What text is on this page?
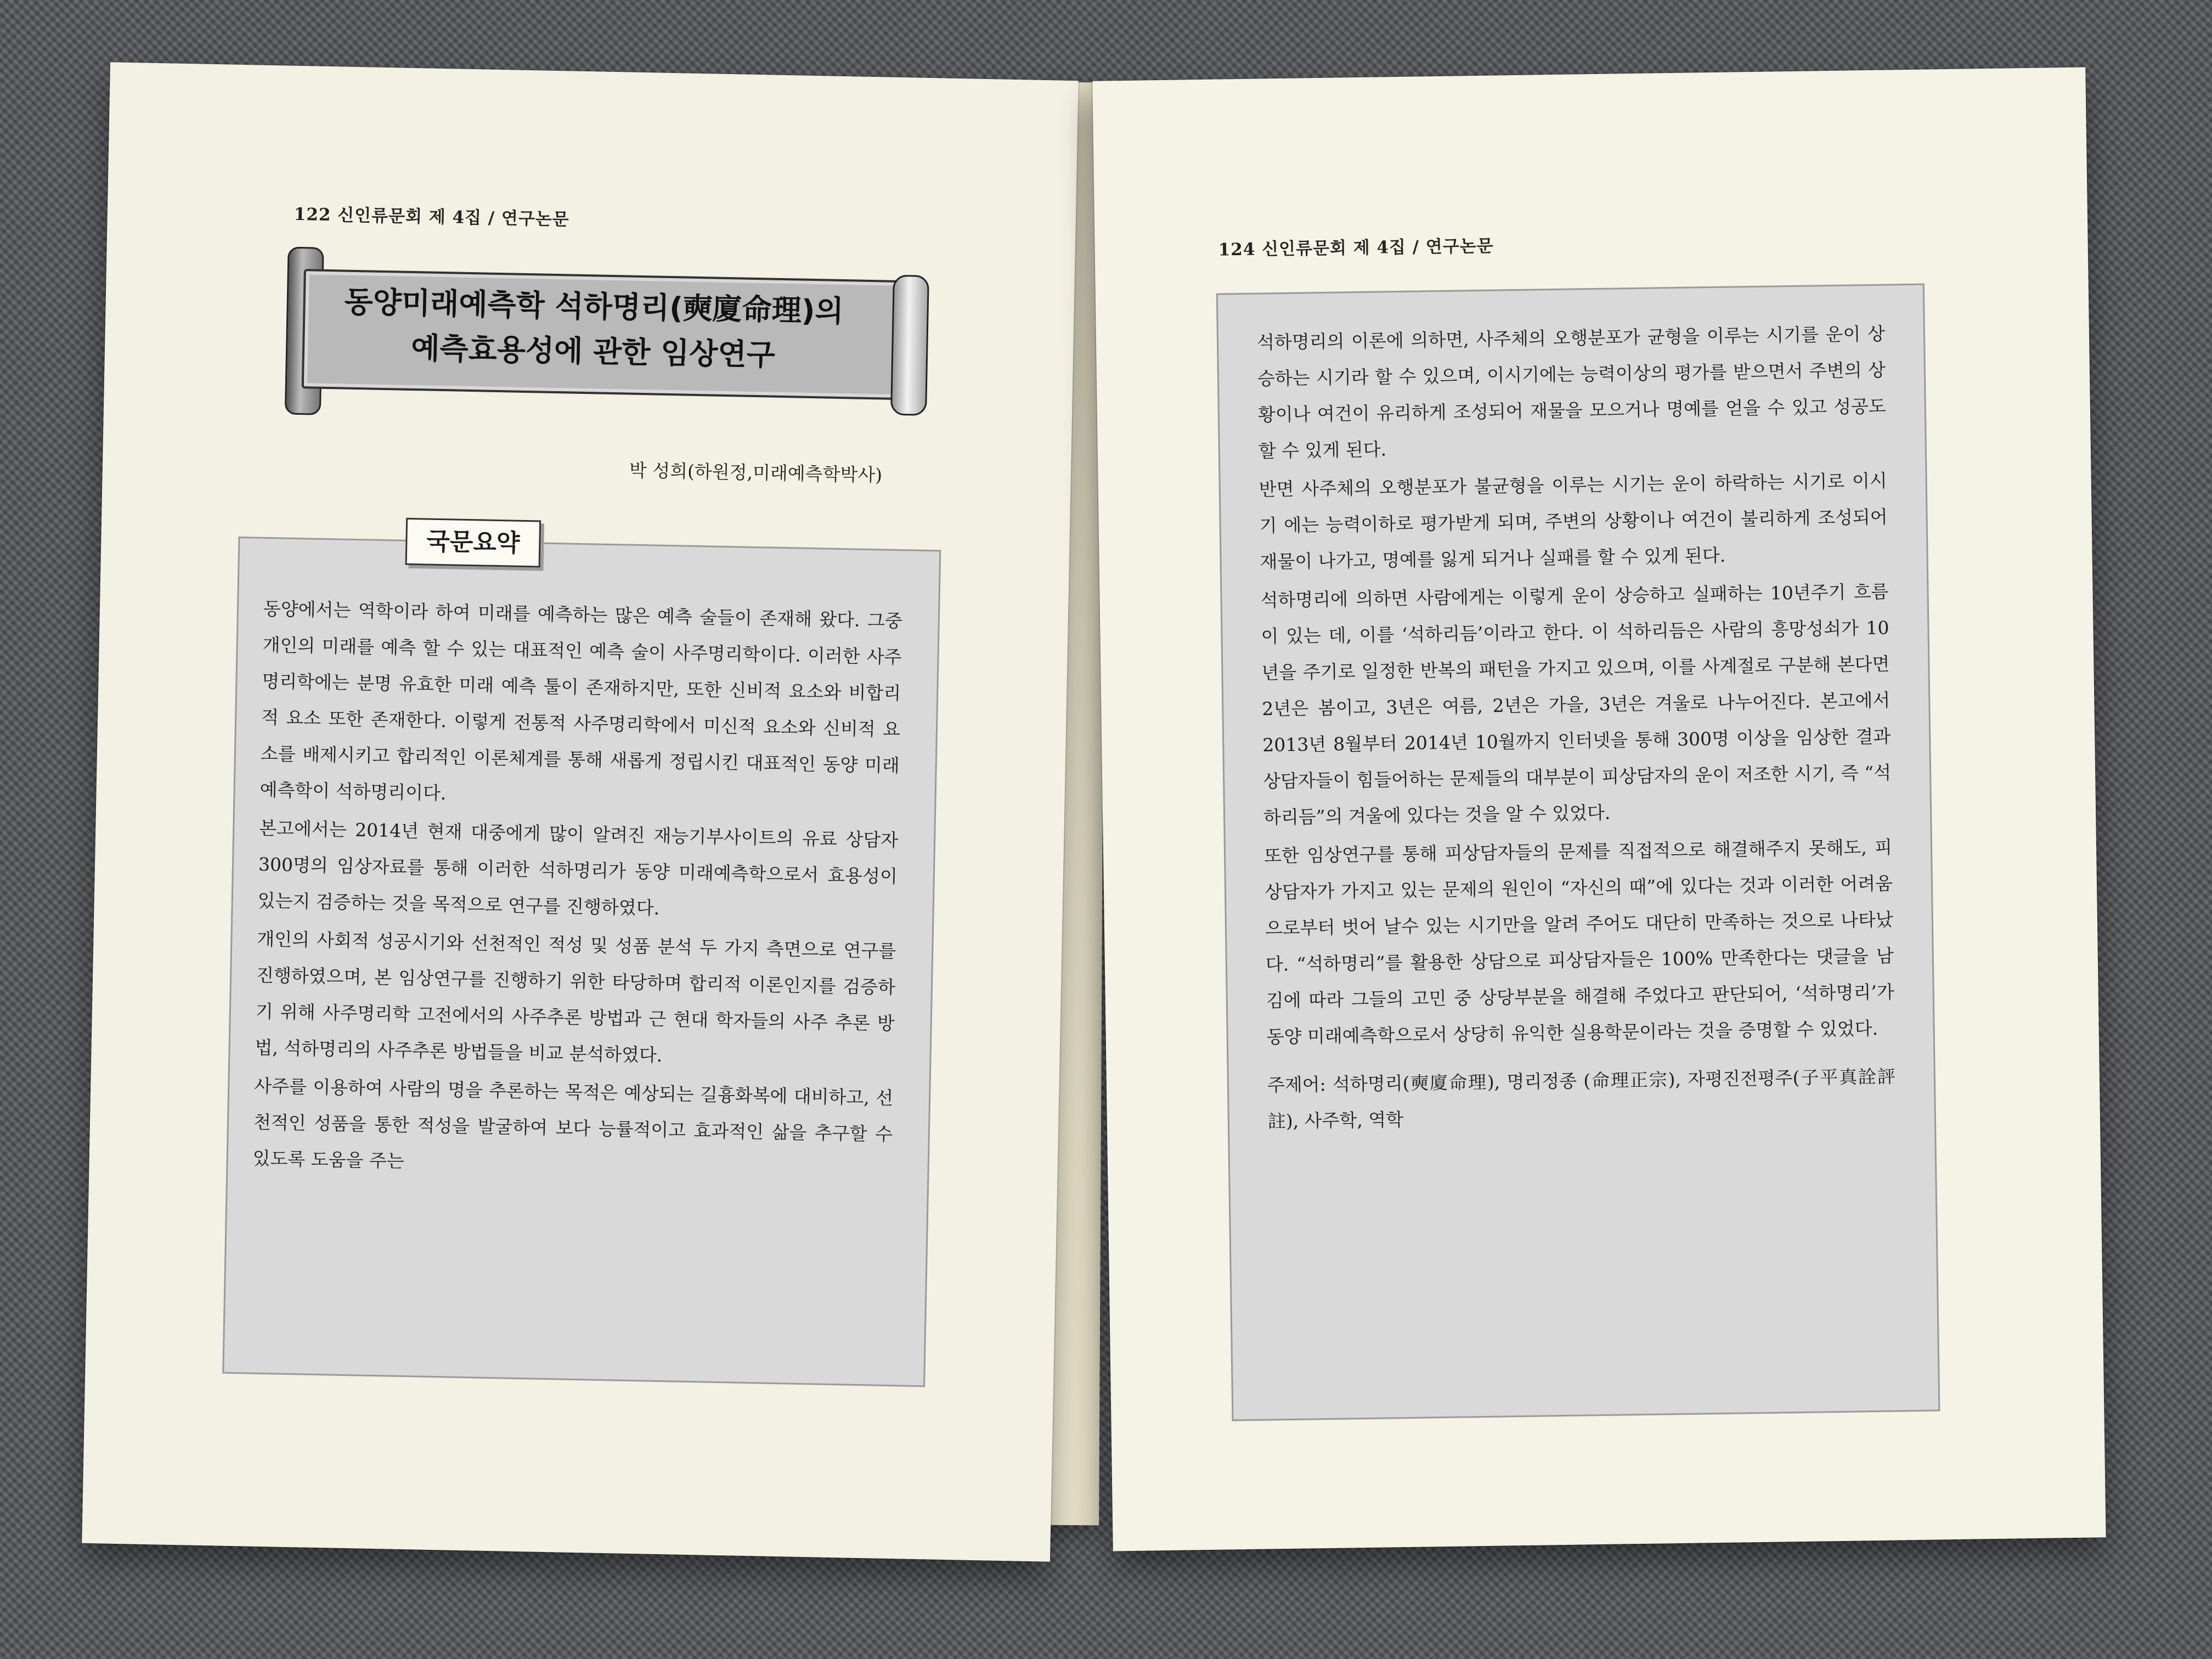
122 신인류문회 제 4집 / 연구논문
동양미래예측학 석하명리(奭廈命理)의
예측효용성에 관한 임상연구
박 성희(하원정,미래예측학박사)

동양에서는 역학이라 하여 미래를 예측하는 많은 예측 술들이 존재해 왔다. 그중 개인의 미래를 예측 할 수 있는 대표적인 예측 술이 사주명리학이다. 이러한 사주명리학에는 분명 유효한 미래 예측 툴이 존재하지만, 또한 신비적 요소와 비합리적 요소 또한 존재한다. 이렇게 전통적 사주명리학에서 미신적 요소와 신비적 요소를 배제시키고 합리적인 이론체계를 통해 새롭게 정립시킨 대표적인 동양 미래예측학이 석하명리이다.

본고에서는 2014년 현재 대중에게 많이 알려진 재능기부사이트의 유료 상담자 300명의 임상자료를 통해 이러한 석하명리가 동양 미래예측학으로서 효용성이 있는지 검증하는 것을 목적으로 연구를 진행하였다.

개인의 사회적 성공시기와 선천적인 적성 및 성품 분석 두 가지 측면으로 연구를 진행하였으며, 본 임상연구를 진행하기 위한 타당하며 합리적 이론인지를 검증하기 위해 사주명리학 고전에서의 사주추론 방법과 근 현대 학자들의 사주 추론 방법, 석하명리의 사주추론 방법들을 비교 분석하였다.

사주를 이용하여 사람의 명을 추론하는 목적은 예상되는 길흉화복에 대비하고, 선천적인 성품을 통한 적성을 발굴하여 보다 능률적이고 효과적인 삶을 추구할 수 있도록 도움을 주는

국문요약
124 신인류문회 제 4집 / 연구논문

석하명리의 이론에 의하면, 사주체의 오행분포가 균형을 이루는 시기를 운이 상승하는 시기라 할 수 있으며, 이시기에는 능력이상의 평가를 받으면서 주변의 상황이나 여건이 유리하게 조성되어 재물을 모으거나 명예를 얻을 수 있고 성공도 할 수 있게 된다.

반면 사주체의 오행분포가 불균형을 이루는 시기는 운이 하락하는 시기로 이시기 에는 능력이하로 평가받게 되며, 주변의 상황이나 여건이 불리하게 조성되어 재물이 나가고, 명예를 잃게 되거나 실패를 할 수 있게 된다.

석하명리에 의하면 사람에게는 이렇게 운이 상승하고 실패하는 10년주기 흐름이 있는 데, 이를 ‘석하리듬’이라고 한다. 이 석하리듬은 사람의 흥망성쇠가 10년을 주기로 일정한 반복의 패턴을 가지고 있으며, 이를 사계절로 구분해 본다면 2년은 봄이고, 3년은 여름, 2년은 가을, 3년은 겨울로 나누어진다. 본고에서 2013년 8월부터 2014년 10월까지 인터넷을 통해 300명 이상을 임상한 결과 상담자들이 힘들어하는 문제들의 대부분이 피상담자의 운이 저조한 시기, 즉 “석하리듬”의 겨울에 있다는 것을 알 수 있었다.

또한 임상연구를 통해 피상담자들의 문제를 직접적으로 해결해주지 못해도, 피상담자가 가지고 있는 문제의 원인이 “자신의 때”에 있다는 것과 이러한 어려움으로부터 벗어 날수 있는 시기만을 알려 주어도 대단히 만족하는 것으로 나타났다. “석하명리”를 활용한 상담으로 피상담자들은 100% 만족한다는 댓글을 남김에 따라 그들의 고민 중 상당부분을 해결해 주었다고 판단되어, ‘석하명리’가 동양 미래예측학으로서 상당히 유익한 실용학문이라는 것을 증명할 수 있었다.

주제어: 석하명리(奭廈命理), 명리정종 (命理正宗), 자평진전평주(子平真詮評註), 사주학, 역학
